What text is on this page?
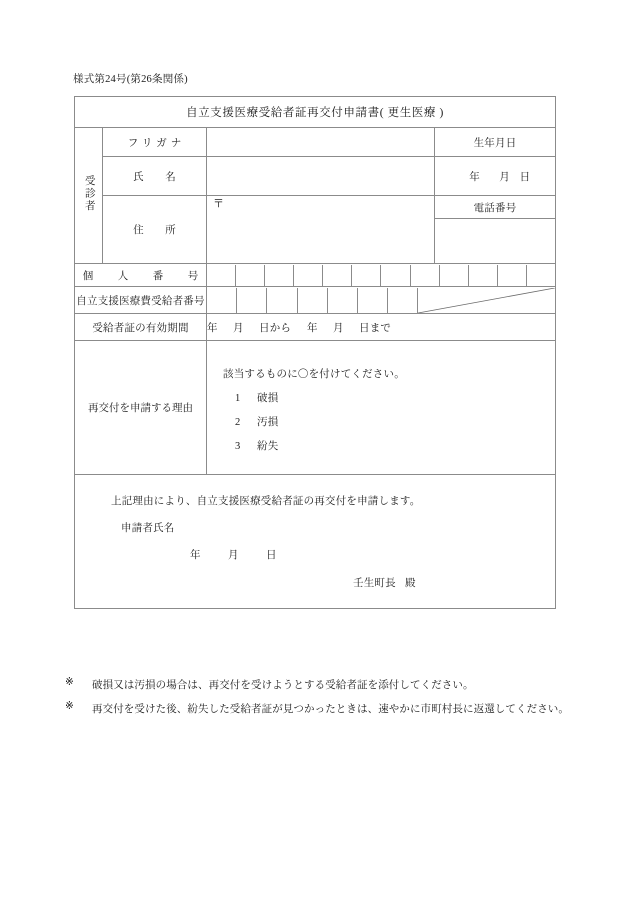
様式第24号(第26条関係)
自立支援医療受給者証再交付申請書( 更生医療 )			
受診者	フリガナ		生年月日
	氏　　名		年 月 日
	住　　所	〒	電話番号

個　人　番　号			

自立支援医療費受給者番号	

受給者証の有効期間		年 月 日から 年 月 日まで	
再交付を申請する理由		該当するものに〇を付けてください。
1 破損
2 汚損
3 紛失	

上記理由により、自立支援医療受給者証の再交付を申請します。
申請者氏名
年 月 日
壬生町長 殿			
※	破損又は汚損の場合は、再交付を受けようとする受給者証を添付してください。
※	再交付を受けた後、紛失した受給者証が見つかったときは、速やかに市町村長に返還してください。
